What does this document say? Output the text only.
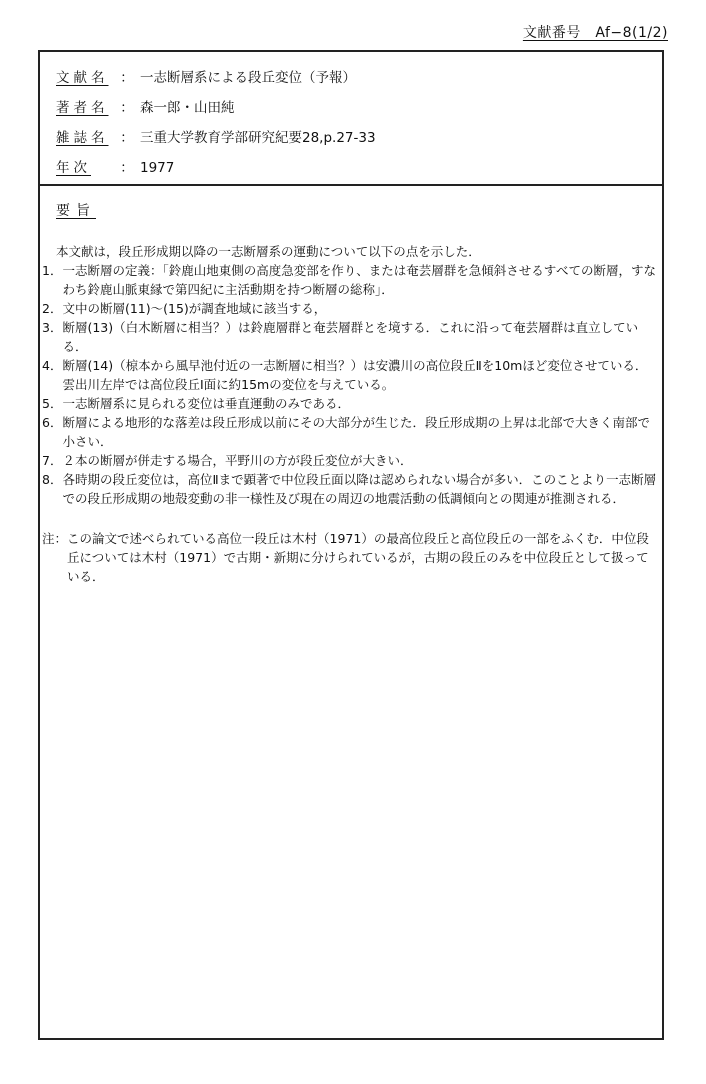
文献番号　Af−8(1/2)
文献名 ： 一志断層系による段丘変位（予報）
著者名 ： 森一郎・山田純
雑誌名 ： 三重大学教育学部研究紀要28,p.27-33
年次	： 1977
要旨

本文献は，段丘形成期以降の一志断層系の運動について以下の点を示した．

1． 一志断層の定義：「鈴鹿山地東側の高度急変部を作り、または奄芸層群を急傾斜させるすべての断層，すなわち鈴鹿山脈東縁で第四紀に主活動期を持つ断層の総称」．
2． 文中の断層(11)〜(15)が調査地域に該当する，
3． 断層(13)（白木断層に相当？）は鈴鹿層群と奄芸層群とを境する．これに沿って奄芸層群は直立している．
4． 断層(14)（椋本から風早池付近の一志断層に相当？）は安濃川の高位段丘Ⅱを10mほど変位させている．雲出川左岸では高位段丘Ⅰ面に約15mの変位を与えている。
5． 一志断層系に見られる変位は垂直運動のみである．
6． 断層による地形的な落差は段丘形成以前にその大部分が生じた．段丘形成期の上昇は北部で大きく南部で小さい．
7． ２本の断層が併走する場合，平野川の方が段丘変位が大きい．
8． 各時期の段丘変位は，高位Ⅱまで顕著で中位段丘面以降は認められない場合が多い．このことより一志断層での段丘形成期の地殻変動の非一様性及び現在の周辺の地震活動の低調傾向との関連が推測される．
注： この論文で述べられている高位一段丘は木村（1971）の最高位段丘と高位段丘の一部をふくむ．中位段丘については木村（1971）で古期・新期に分けられているが，古期の段丘のみを中位段丘として扱っている．
